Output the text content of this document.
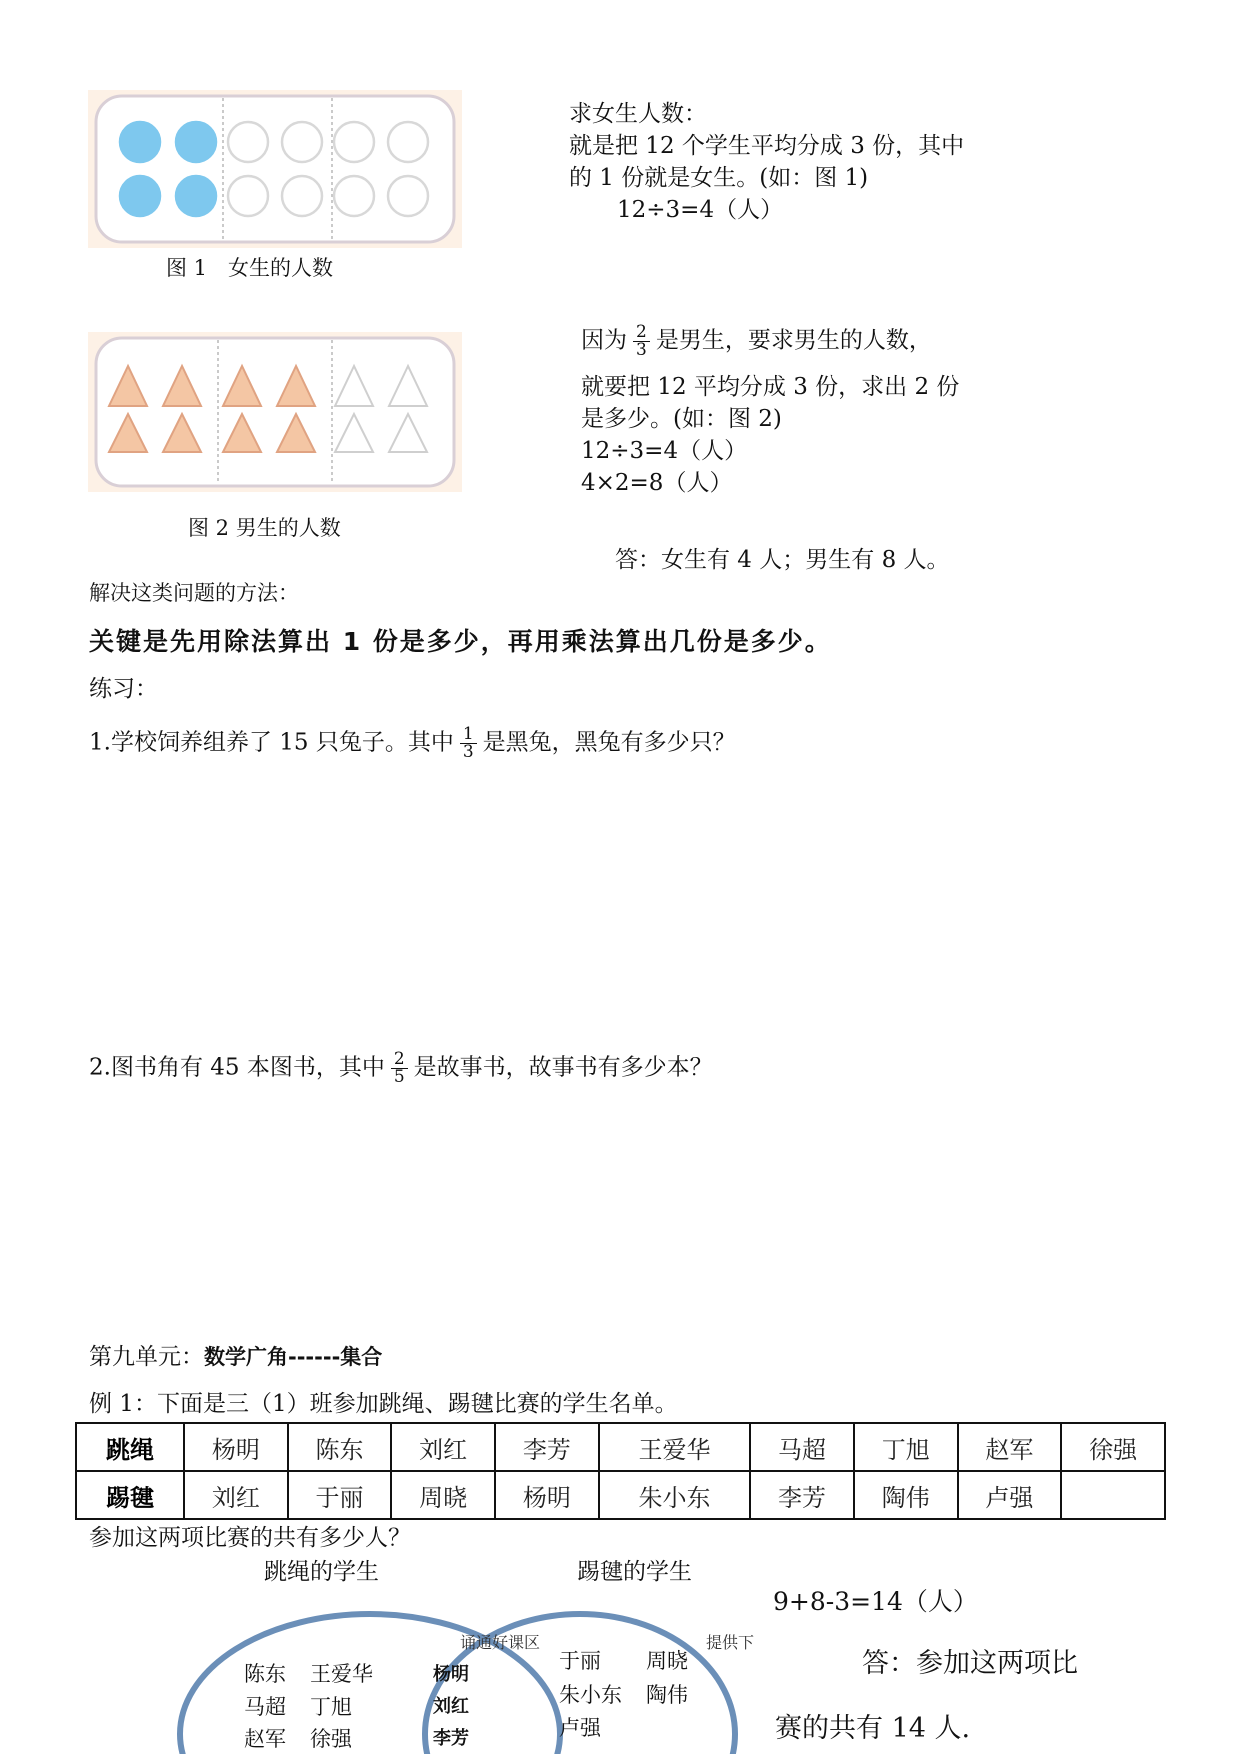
图 1　女生的人数
求女生人数：
就是把 12 个学生平均分成 3 份，其中
的 1 份就是女生。(如：图 1)
12÷3=4（人）
图 2 男生的人数
因为 $\frac{2}{3}$ 是男生，要求男生的人数，
就要把 12 平均分成 3 份，求出 2 份
是多少。(如：图 2)
12÷3=4（人）
4×2=8（人）
答：女生有 4 人；男生有 8 人。
解决这类问题的方法：
关键是先用除法算出 1 份是多少，再用乘法算出几份是多少。
练习：
1.学校饲养组养了 15 只兔子。其中 $\frac{1}{3}$ 是黑兔，黑兔有多少只？
2.图书角有 45 本图书，其中 $\frac{2}{5}$ 是故事书，故事书有多少本？
第九单元：数学广角------集合
例 1：下面是三（1）班参加跳绳、踢毽比赛的学生名单。
跳绳	杨明	陈东	刘红	李芳	王爱华	马超	丁旭	赵军	徐强
踢毽	刘红	于丽	周晓	杨明	朱小东	李芳	陶伟	卢强	
参加这两项比赛的共有多少人？
跳绳的学生	踢毽的学生
9+8-3=14（人）
诵通好课区	提供下
陈东 王爱华
马超 丁旭
赵军 徐强
杨明
刘红
李芳
于丽 周晓
朱小东 陶伟
卢强
答：参加这两项比
赛的共有 14 人.
